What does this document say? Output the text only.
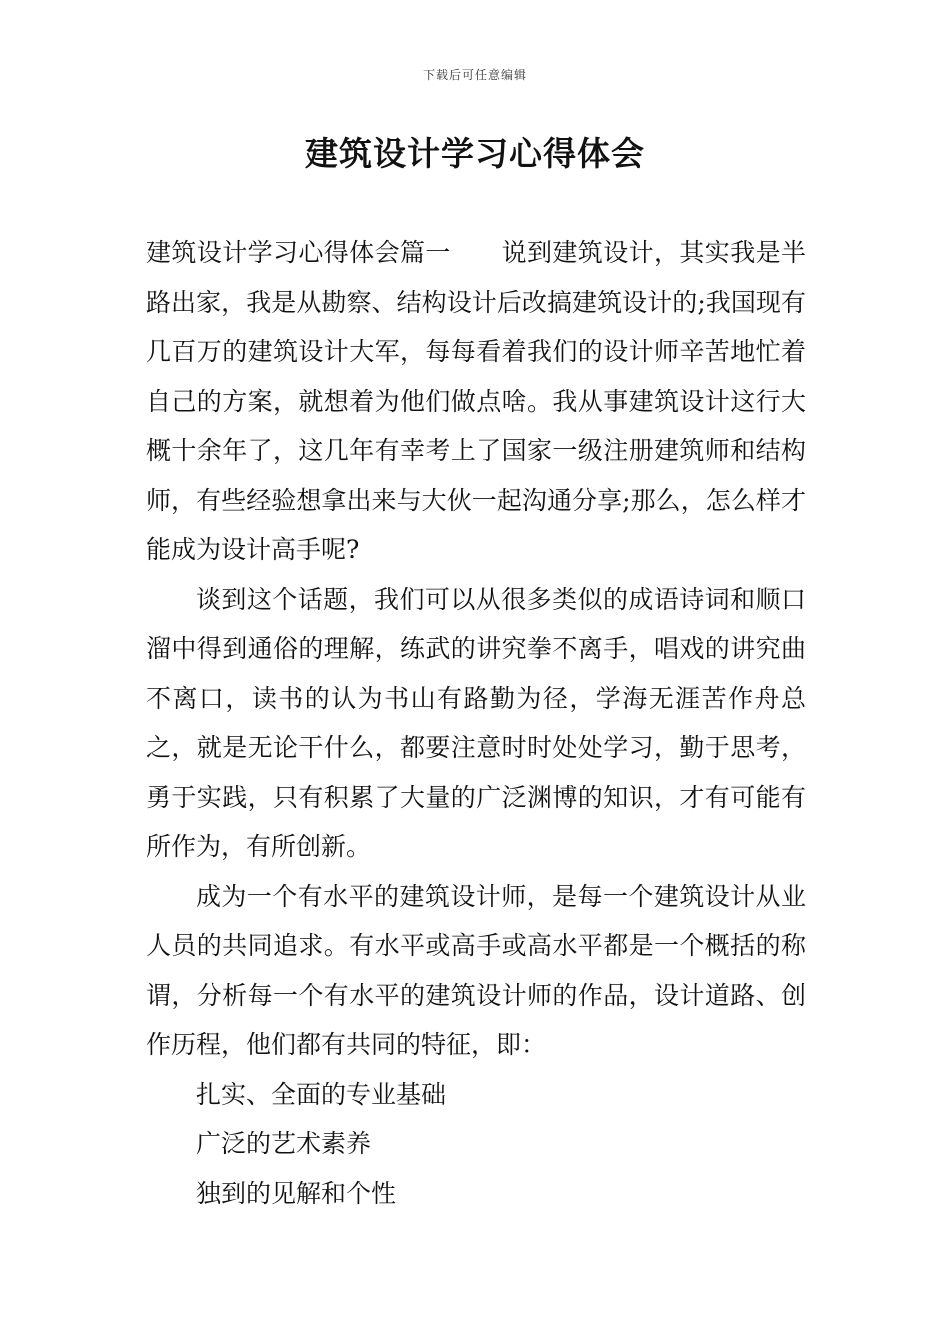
下载后可任意编辑
建筑设计学习心得体会

建筑设计学习心得体会篇一　　说到建筑设计，其实我是半路出家，我是从勘察、结构设计后改搞建筑设计的;我国现有几百万的建筑设计大军，每每看着我们的设计师辛苦地忙着自己的方案，就想着为他们做点啥。我从事建筑设计这行大概十余年了，这几年有幸考上了国家一级注册建筑师和结构师，有些经验想拿出来与大伙一起沟通分享;那么，怎么样才能成为设计高手呢?

谈到这个话题，我们可以从很多类似的成语诗词和顺口溜中得到通俗的理解，练武的讲究拳不离手，唱戏的讲究曲不离口，读书的认为书山有路勤为径，学海无涯苦作舟总之，就是无论干什么，都要注意时时处处学习，勤于思考，勇于实践，只有积累了大量的广泛渊博的知识，才有可能有所作为，有所创新。

成为一个有水平的建筑设计师，是每一个建筑设计从业人员的共同追求。有水平或高手或高水平都是一个概括的称谓，分析每一个有水平的建筑设计师的作品，设计道路、创作历程，他们都有共同的特征，即：

扎实、全面的专业基础

广泛的艺术素养

独到的见解和个性
